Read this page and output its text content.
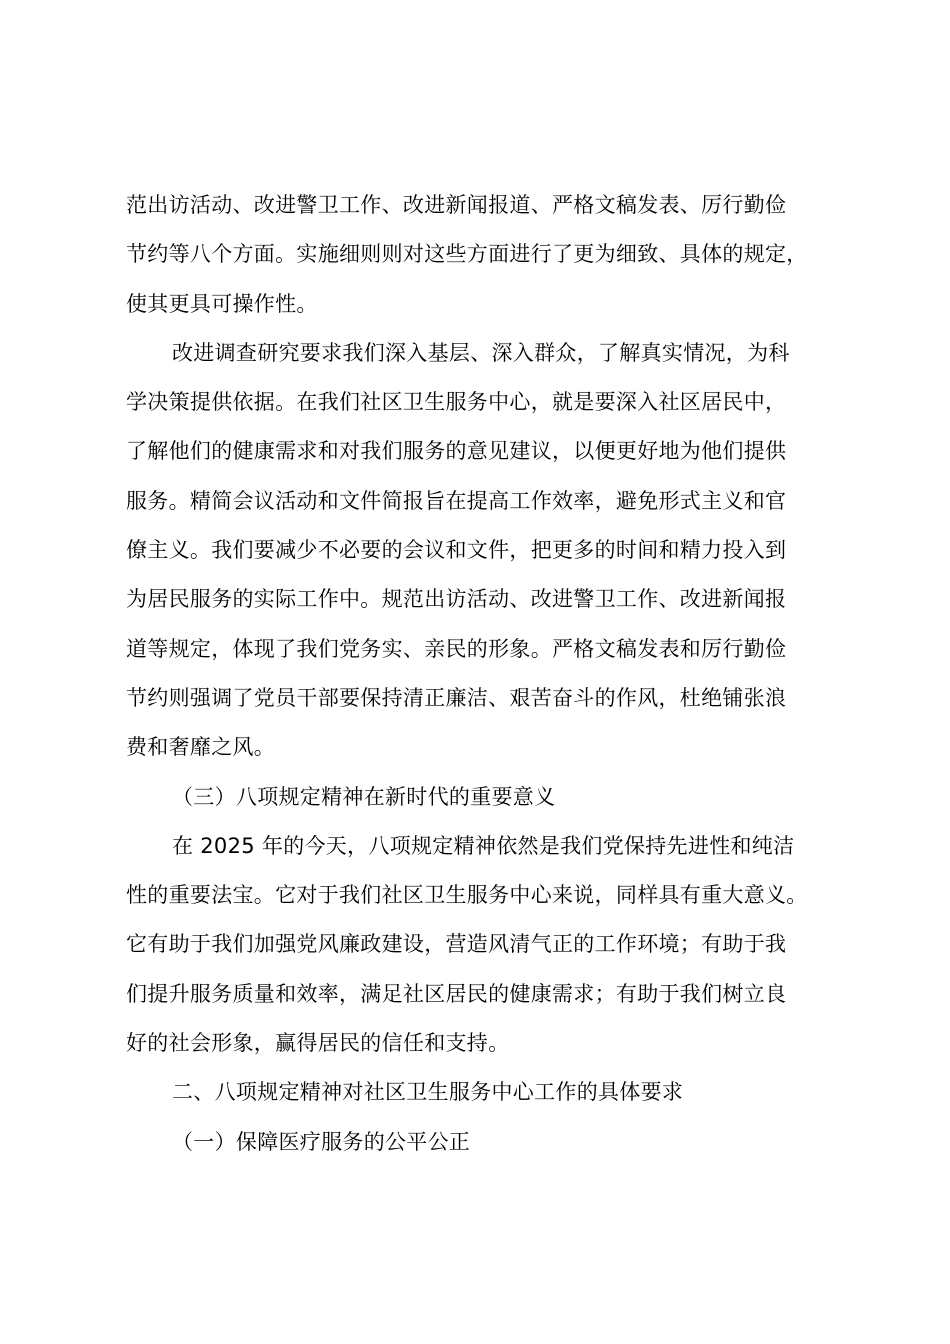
范出访活动、改进警卫工作、改进新闻报道、严格文稿发表、厉行勤俭
节约等八个方面。实施细则则对这些方面进行了更为细致、具体的规定，
使其更具可操作性。
改进调查研究要求我们深入基层、深入群众，了解真实情况，为科
学决策提供依据。在我们社区卫生服务中心，就是要深入社区居民中，
了解他们的健康需求和对我们服务的意见建议，以便更好地为他们提供
服务。精简会议活动和文件简报旨在提高工作效率，避免形式主义和官
僚主义。我们要减少不必要的会议和文件，把更多的时间和精力投入到
为居民服务的实际工作中。规范出访活动、改进警卫工作、改进新闻报
道等规定，体现了我们党务实、亲民的形象。严格文稿发表和厉行勤俭
节约则强调了党员干部要保持清正廉洁、艰苦奋斗的作风，杜绝铺张浪
费和奢靡之风。
（三）八项规定精神在新时代的重要意义
在 2025 年的今天，八项规定精神依然是我们党保持先进性和纯洁
性的重要法宝。它对于我们社区卫生服务中心来说，同样具有重大意义。
它有助于我们加强党风廉政建设，营造风清气正的工作环境；有助于我
们提升服务质量和效率，满足社区居民的健康需求；有助于我们树立良
好的社会形象，赢得居民的信任和支持。
二、八项规定精神对社区卫生服务中心工作的具体要求
（一）保障医疗服务的公平公正
